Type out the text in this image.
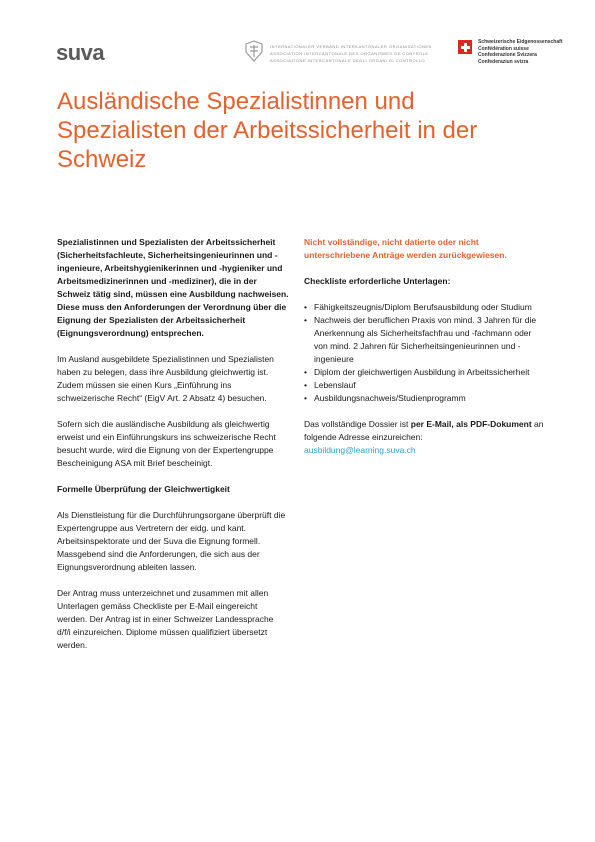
suva	INTERNATIONALER VERBAND INTERKANTONALER ORGANISATIONEN
ASSOCIATION INTERCANTONALE DES ORGANISMES DE CONTROLE
ASSOCIAZIONE INTERCANTONALE DEGLI ORGANI DI CONTROLLO
Schweizerische Eidgenossenschaft
Confédération suisse
Confederazione Svizzera
Confederaziun svizra
Ausländische Spezialistinnen und Spezialisten der Arbeitssicherheit in der Schweiz

Spezialistinnen und Spezialisten der Arbeitssicherheit (Sicherheitsfachleute, Sicherheitsingenieurinnen und -ingenieure, Arbeitshygienikerinnen und -hygieniker und Arbeitsmedizinerinnen und -mediziner), die in der Schweiz tätig sind, müssen eine Ausbildung nachweisen. Diese muss den Anforderungen der Verordnung über die Eignung der Spezialisten der Arbeitssicherheit (Eignungsverordnung) entsprechen.

Im Ausland ausgebildete Spezialistinnen und Spezialisten haben zu belegen, dass ihre Ausbildung gleichwertig ist. Zudem müssen sie einen Kurs „Einführung ins schweizerische Recht“ (EigV Art. 2 Absatz 4) besuchen.

Sofern sich die ausländische Ausbildung als gleichwertig erweist und ein Einführungskurs ins schweizerische Recht besucht wurde, wird die Eignung von der Expertengruppe Bescheinigung ASA mit Brief bescheinigt.

Formelle Überprüfung der Gleichwertigkeit

Als Dienstleistung für die Durchführungsorgane überprüft die Expertengruppe aus Vertretern der eidg. und kant. Arbeitsinspektorate und der Suva die Eignung formell. Massgebend sind die Anforderungen, die sich aus der Eignungsverordnung ableiten lassen.

Der Antrag muss unterzeichnet und zusammen mit allen Unterlagen gemäss Checkliste per E-Mail eingereicht werden. Der Antrag ist in einer Schweizer Landessprache d/f/i einzureichen. Diplome müssen qualifiziert übersetzt werden.

Nicht vollständige, nicht datierte oder nicht unterschriebene Anträge werden zurückgewiesen.

Checkliste erforderliche Unterlagen:

• Fähigkeitszeugnis/Diplom Berufsausbildung oder Studium
• Nachweis der beruflichen Praxis von mind. 3 Jahren für die Anerkennung als Sicherheitsfachfrau und -fachmann oder von mind. 2 Jahren für Sicherheitsingenieurinnen und -ingenieure
• Diplom der gleichwertigen Ausbildung in Arbeitssicherheit
• Lebenslauf
• Ausbildungsnachweis/Studienprogramm

Das vollständige Dossier ist per E-Mail, als PDF-Dokument an folgende Adresse einzureichen:
ausbildung@learning.suva.ch
